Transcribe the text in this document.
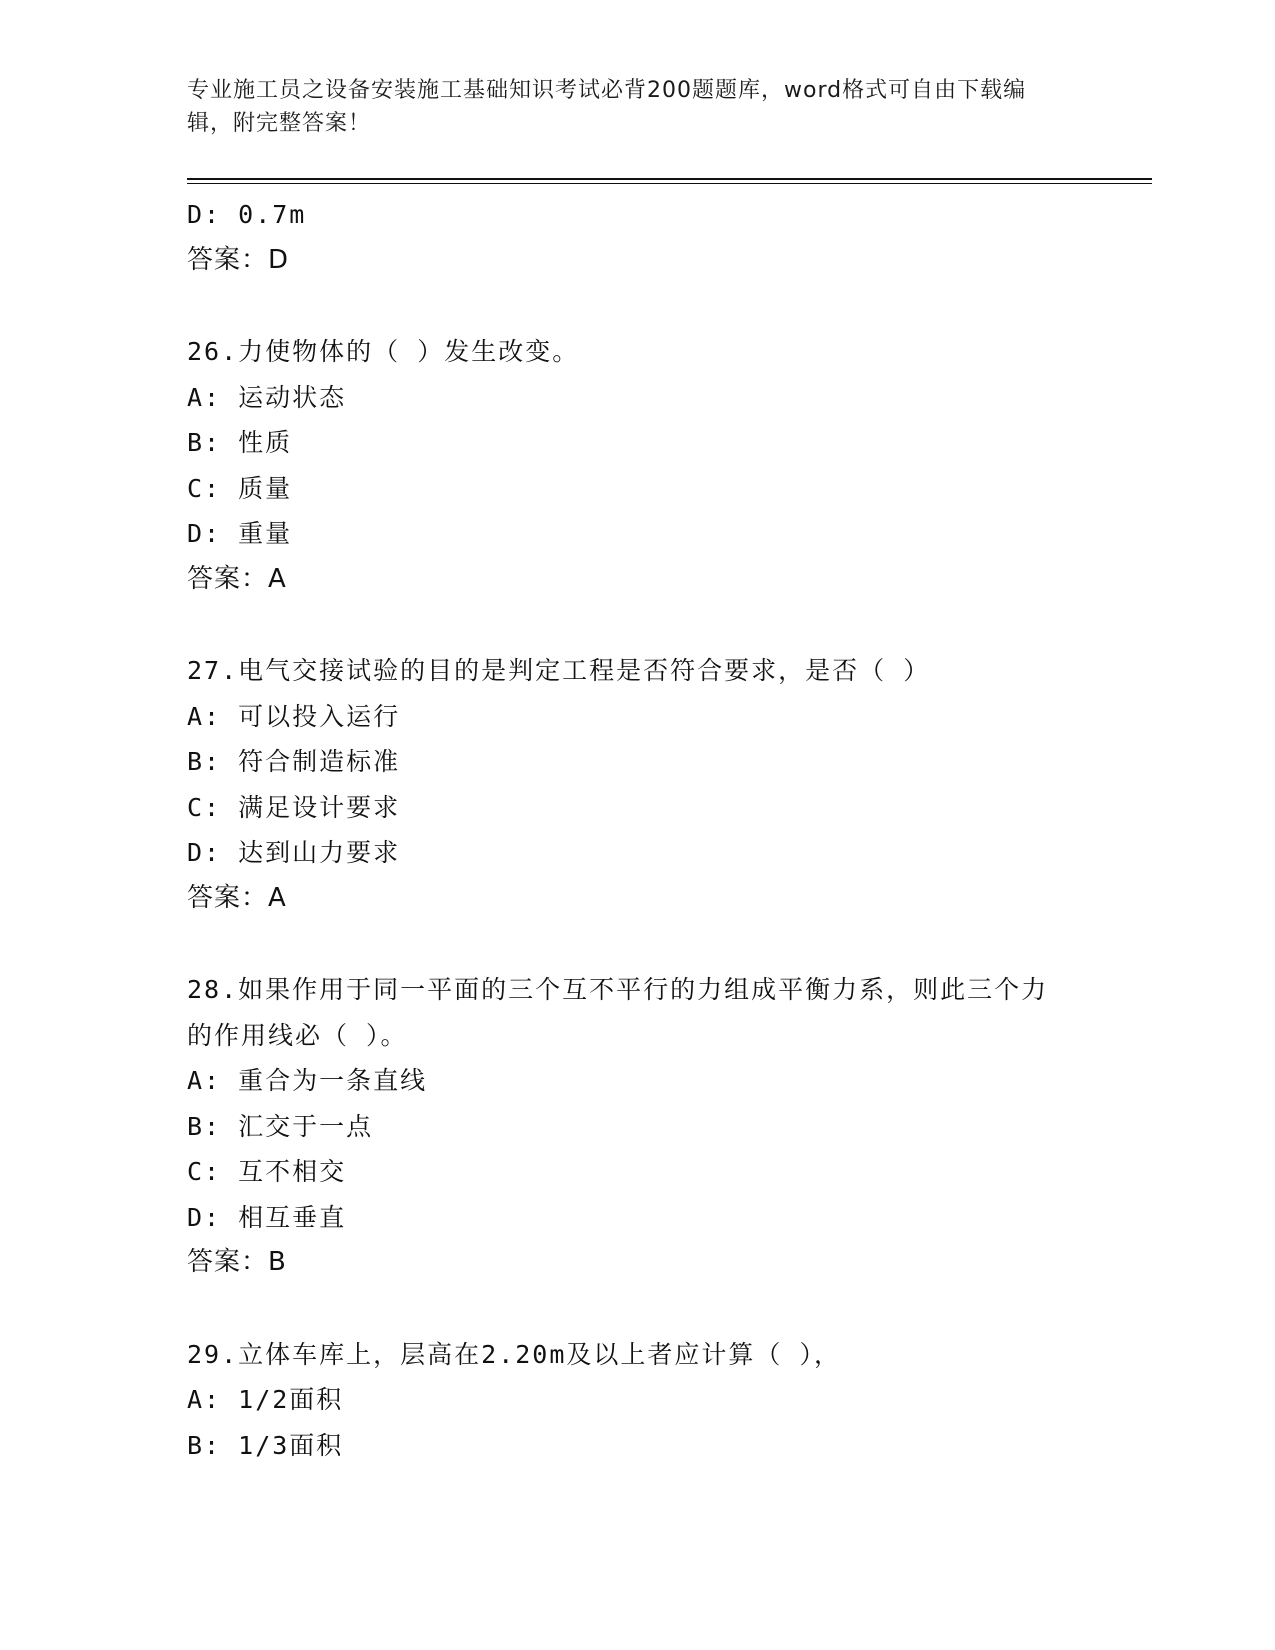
专业施工员之设备安装施工基础知识考试必背200题题库，word格式可自由下载编辑，附完整答案！
D: 0.7m
答案：D
26.力使物体的（ ）发生改变。
A: 运动状态
B: 性质
C: 质量
D: 重量
答案：A
27.电气交接试验的目的是判定工程是否符合要求，是否（ ）
A: 可以投入运行
B: 符合制造标准
C: 满足设计要求
D: 达到山力要求
答案：A
28.如果作用于同一平面的三个互不平行的力组成平衡力系，则此三个力的作用线必（ ）。
A: 重合为一条直线
B: 汇交于一点
C: 互不相交
D: 相互垂直
答案：B
29.立体车库上，层高在2.20m及以上者应计算（ ），
A: 1/2面积
B: 1/3面积
